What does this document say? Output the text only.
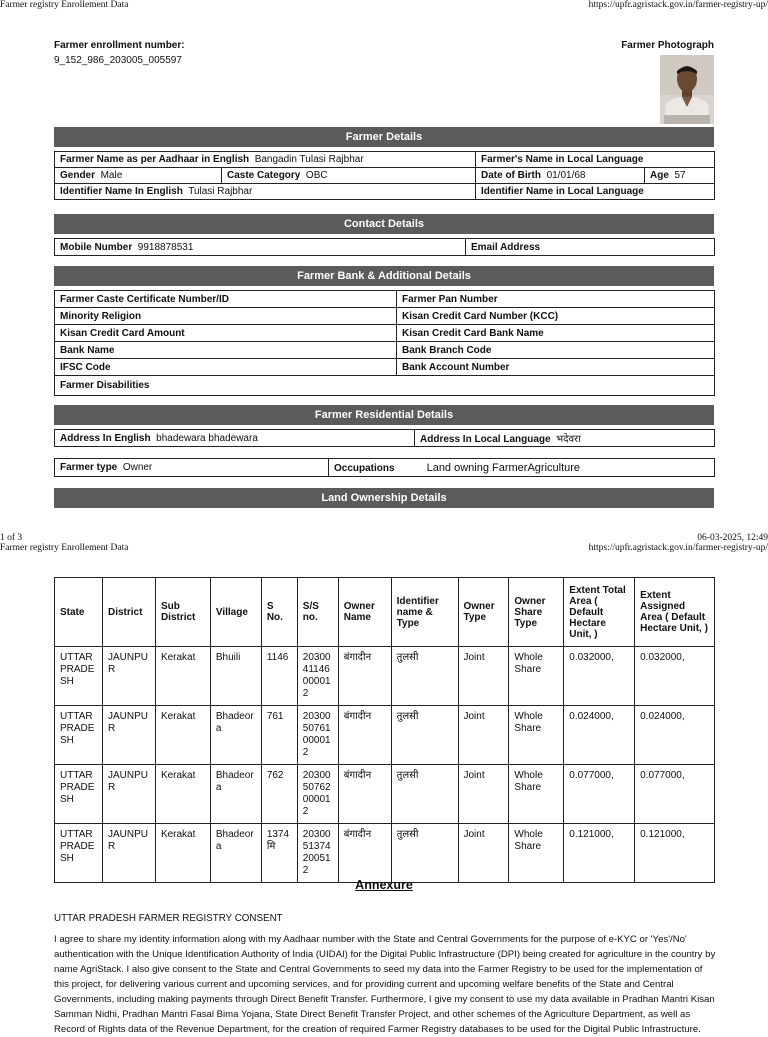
Farmer registry Enrollement Data	https://upfr.agristack.gov.in/farmer-registry-up/
Farmer enrollment number:
9_152_986_203005_005597
Farmer Photograph
Farmer Details
Farmer Name as per Aadhaar in English Bangadin Tulasi Rajbhar		Farmer's Name in Local Language	
Gender Male	Caste Category OBC	Date of Birth 01/01/68	Age 57
Identifier Name In English Tulasi Rajbhar		Identifier Name in Local Language	
Contact Details
Mobile Number 9918878531	Email Address
Farmer Bank & Additional Details
Farmer Caste Certificate Number/ID	Farmer Pan Number
Minority Religion	Kisan Credit Card Number (KCC)
Kisan Credit Card Amount	Kisan Credit Card Bank Name
Bank Name	Bank Branch Code
IFSC Code	Bank Account Number
Farmer Disabilities	
Farmer Residential Details
Address In English bhadewara bhadewara	Address In Local Language भदेवरा
Farmer type Owner	Occupations	Land owning FarmerAgriculture
Land Ownership Details
1 of 3	06-03-2025, 12:49
Farmer registry Enrollement Data	https://upfr.agristack.gov.in/farmer-registry-up/
State	District	Sub District	Village	S No.	S/S no.	Owner Name	Identifier name & Type	Owner Type	Owner Share Type	Extent Total Area ( Default Hectare Unit, )	Extent Assigned Area ( Default Hectare Unit, )
UTTAR PRADE SH	JAUNPU R	Kerakat	Bhuili	1146	20300 41146 00001 2	बंगादीन	तुलसी	Joint	Whole Share	0.032000,	0.032000,
UTTAR PRADE SH	JAUNPU R	Kerakat	Bhadeor a	761	20300 50761 00001 2	बंगादीन	तुलसी	Joint	Whole Share	0.024000,	0.024000,
UTTAR PRADE SH	JAUNPU R	Kerakat	Bhadeor a	762	20300 50762 00001 2	बंगादीन	तुलसी	Joint	Whole Share	0.077000,	0.077000,
UTTAR PRADE SH	JAUNPU R	Kerakat	Bhadeor a	1374 मि	20300 51374 20051 2	बंगादीन	तुलसी	Joint	Whole Share	0.121000,	0.121000,
Annexure
UTTAR PRADESH FARMER REGISTRY CONSENT
I agree to share my identity information along with my Aadhaar number with the State and Central Governments for the purpose of e-KYC or 'Yes'/No' authentication with the Unique Identification Authority of India (UIDAI) for the Digital Public Infrastructure (DPI) being created for agriculture in the country by name AgriStack. I also give consent to the State and Central Governments to seed my data into the Farmer Registry to be used for the implementation of this project, for delivering various current and upcoming services, and for providing current and upcoming welfare benefits of the State and Central Governments, including making payments through Direct Benefit Transfer. Furthermore, I give my consent to use my data available in Pradhan Mantri Kisan Samman Nidhi, Pradhan Mantri Fasal Bima Yojana, State Direct Benefit Transfer Project, and other schemes of the Agriculture Department, as well as Record of Rights data of the Revenue Department, for the creation of required Farmer Registry databases to be used for the Digital Public Infrastructure.
